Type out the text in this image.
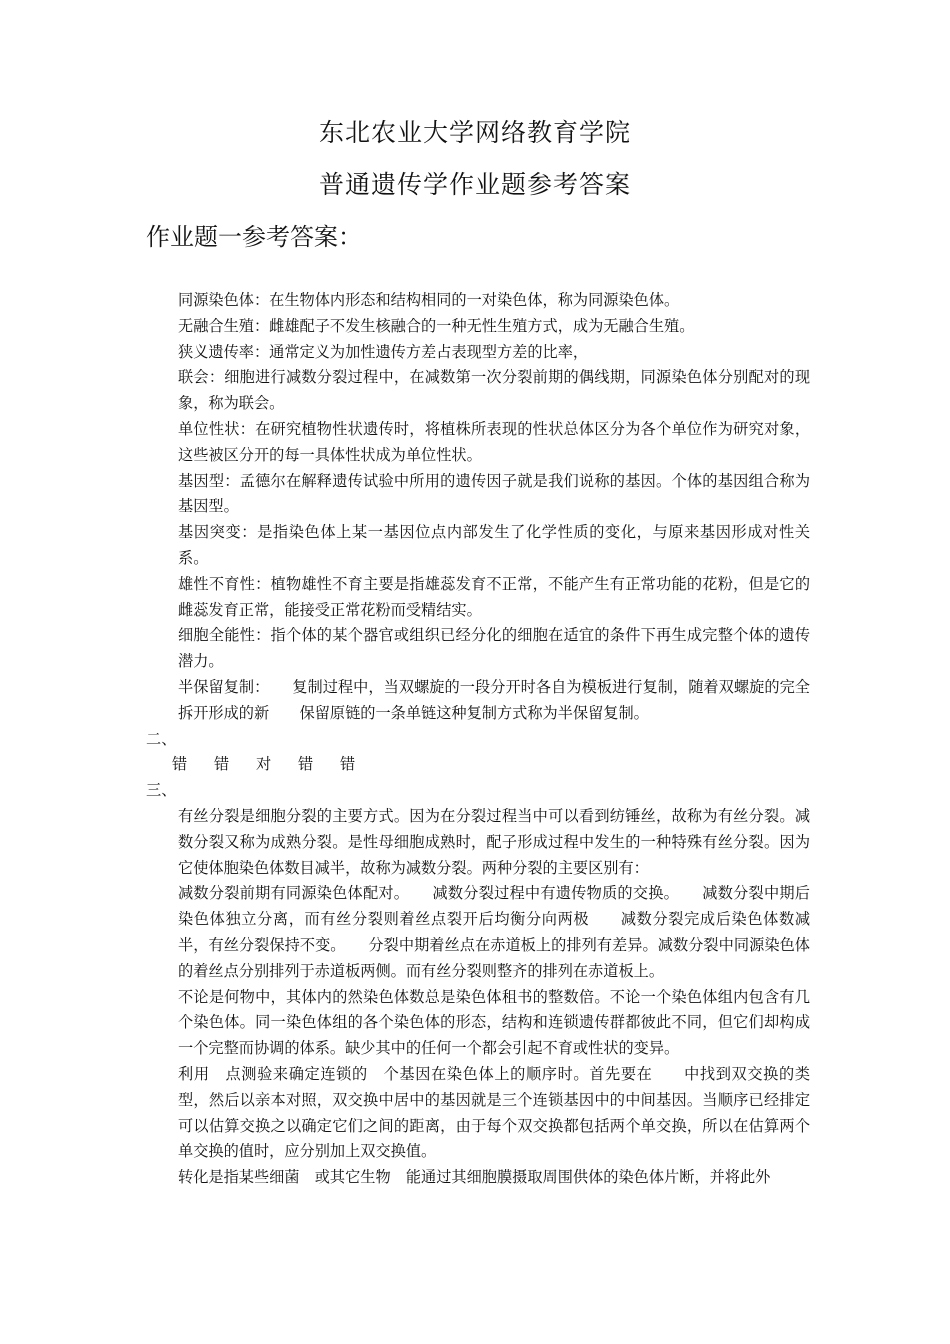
东北农业大学网络教育学院
普通遗传学作业题参考答案
作业题一参考答案：

同源染色体：在生物体内形态和结构相同的一对染色体，称为同源染色体。

无融合生殖：雌雄配子不发生核融合的一种无性生殖方式，成为无融合生殖。

狭义遗传率：通常定义为加性遗传方差占表现型方差的比率，

联会：细胞进行减数分裂过程中，在减数第一次分裂前期的偶线期，同源染色体分别配对的现象，称为联会。

单位性状：在研究植物性状遗传时，将植株所表现的性状总体区分为各个单位作为研究对象，这些被区分开的每一具体性状成为单位性状。

基因型：孟德尔在解释遗传试验中所用的遗传因子就是我们说称的基因。个体的基因组合称为基因型。

基因突变：是指染色体上某一基因位点内部发生了化学性质的变化，与原来基因形成对性关系。

雄性不育性：植物雄性不育主要是指雄蕊发育不正常，不能产生有正常功能的花粉，但是它的雌蕊发育正常，能接受正常花粉而受精结实。

细胞全能性：指个体的某个器官或组织已经分化的细胞在适宜的条件下再生成完整个体的遗传潜力。

半保留复制：　　复制过程中，当双螺旋的一段分开时各自为模板进行复制，随着双螺旋的完全拆开形成的新　　保留原链的一条单链这种复制方式称为半保留复制。

二、

错 错 对 错 错

三、

有丝分裂是细胞分裂的主要方式。因为在分裂过程当中可以看到纺锤丝，故称为有丝分裂。减数分裂又称为成熟分裂。是性母细胞成熟时，配子形成过程中发生的一种特殊有丝分裂。因为它使体胞染色体数目减半，故称为减数分裂。两种分裂的主要区别有：

减数分裂前期有同源染色体配对。　　减数分裂过程中有遗传物质的交换。　　减数分裂中期后染色体独立分离，而有丝分裂则着丝点裂开后均衡分向两极　　减数分裂完成后染色体数减半，有丝分裂保持不变。　　分裂中期着丝点在赤道板上的排列有差异。减数分裂中同源染色体的着丝点分别排列于赤道板两侧。而有丝分裂则整齐的排列在赤道板上。

不论是何物中，其体内的然染色体数总是染色体租书的整数倍。不论一个染色体组内包含有几个染色体。同一染色体组的各个染色体的形态，结构和连锁遗传群都彼此不同，但它们却构成一个完整而协调的体系。缺少其中的任何一个都会引起不育或性状的变异。

利用　点测验来确定连锁的　个基因在染色体上的顺序时。首先要在　　中找到双交换的类型，然后以亲本对照，双交换中居中的基因就是三个连锁基因中的中间基因。当顺序已经排定可以估算交换之以确定它们之间的距离，由于每个双交换都包括两个单交换，所以在估算两个单交换的值时，应分别加上双交换值。

转化是指某些细菌　或其它生物　能通过其细胞膜摄取周围供体的染色体片断，并将此外
